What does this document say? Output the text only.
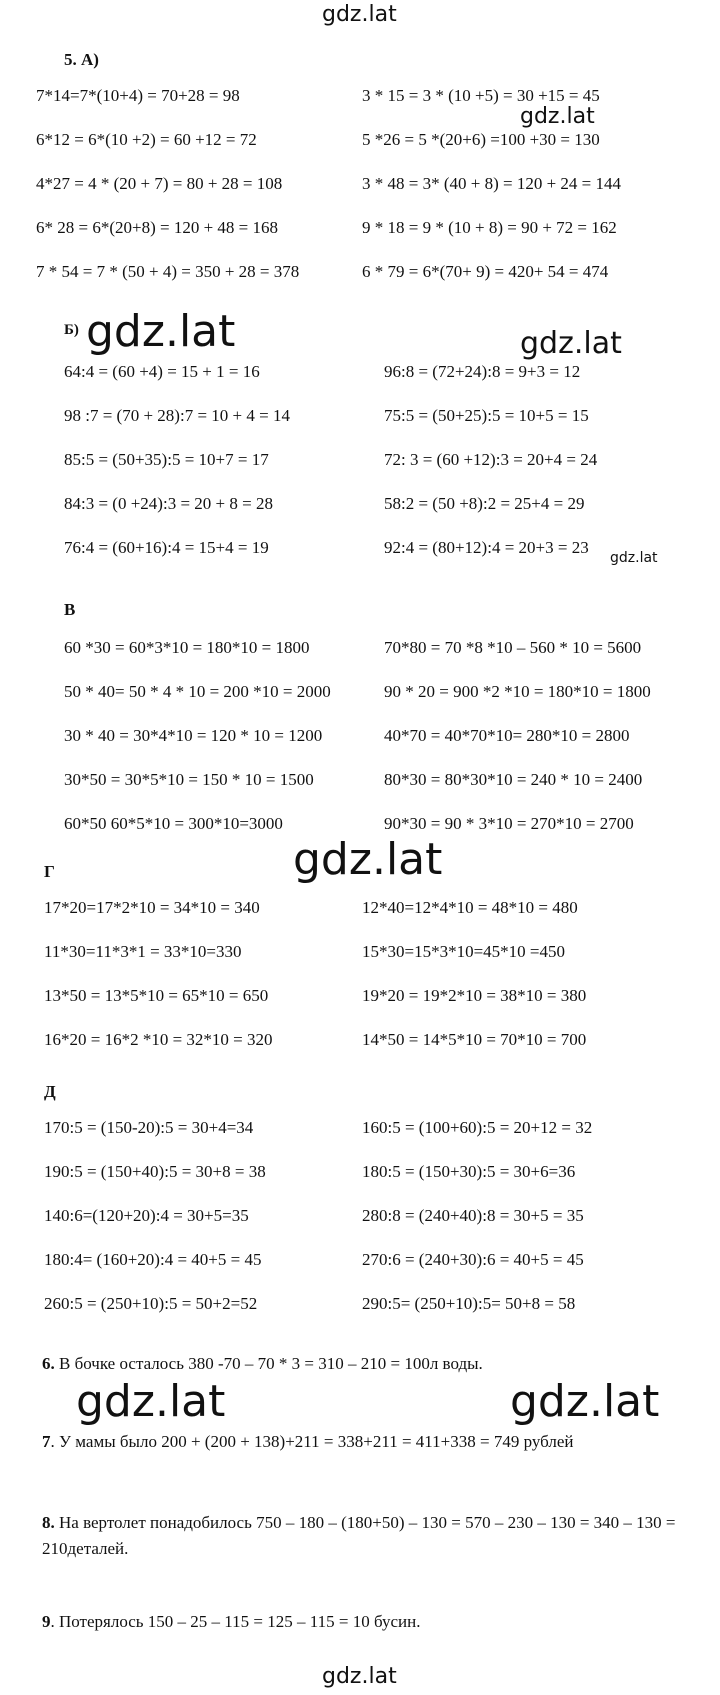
gdz.lat
gdz.lat
gdz.lat	gdz.lat
gdz.lat
gdz.lat
gdz.lat	gdz.lat
gdz.lat
5. А)
7*14=7*(10+4) = 70+28 = 98
6*12 = 6*(10 +2) = 60 +12 = 72
4*27 = 4 * (20 + 7) = 80 + 28 = 108
6* 28 = 6*(20+8) = 120 + 48 = 168
7 * 54 = 7 * (50 + 4) = 350 + 28 = 378
3 * 15 = 3 * (10 +5) = 30 +15 = 45
5 *26 = 5 *(20+6) =100 +30 = 130
3 * 48 = 3* (40 + 8) = 120 + 24 = 144
9 * 18 = 9 * (10 + 8) = 90 + 72 = 162
6 * 79 = 6*(70+ 9) = 420+ 54 = 474
Б)
64:4 = (60 +4) = 15 + 1 = 16
98 :7 = (70 + 28):7 = 10 + 4 = 14
85:5 = (50+35):5 = 10+7 = 17
84:3 = (0 +24):3 = 20 + 8 = 28
76:4 = (60+16):4 = 15+4 = 19
96:8 = (72+24):8 = 9+3 = 12
75:5 = (50+25):5 = 10+5 = 15
72: 3 = (60 +12):3 = 20+4 = 24
58:2 = (50 +8):2 = 25+4 = 29
92:4 = (80+12):4 = 20+3 = 23
В
60 *30 = 60*3*10 = 180*10 = 1800
50 * 40= 50 * 4 * 10 = 200 *10 = 2000
30 * 40 = 30*4*10 = 120 * 10 = 1200
30*50 = 30*5*10 = 150 * 10 = 1500
60*50 60*5*10 = 300*10=3000
70*80 = 70 *8 *10 – 560 * 10 = 5600
90 * 20 = 900 *2 *10 = 180*10 = 1800
40*70 = 40*70*10= 280*10 = 2800
80*30 = 80*30*10 = 240 * 10 = 2400
90*30 = 90 * 3*10 = 270*10 = 2700
Г
17*20=17*2*10 = 34*10 = 340
11*30=11*3*1 = 33*10=330
13*50 = 13*5*10 = 65*10 = 650
16*20 = 16*2 *10 = 32*10 = 320
12*40=12*4*10 = 48*10 = 480
15*30=15*3*10=45*10 =450
19*20 = 19*2*10 = 38*10 = 380
14*50 = 14*5*10 = 70*10 = 700
Д
170:5 = (150-20):5 = 30+4=34
190:5 = (150+40):5 = 30+8 = 38
140:6=(120+20):4 = 30+5=35
180:4= (160+20):4 = 40+5 = 45
260:5 = (250+10):5 = 50+2=52
160:5 = (100+60):5 = 20+12 = 32
180:5 = (150+30):5 = 30+6=36
280:8 = (240+40):8 = 30+5 = 35
270:6 = (240+30):6 = 40+5 = 45
290:5= (250+10):5= 50+8 = 58
6. В бочке осталось 380 -70 – 70 * 3 = 310 – 210 = 100л воды.
7. У мамы было 200 + (200 + 138)+211 = 338+211 = 411+338 = 749 рублей
8. На вертолет понадобилось 750 – 180 – (180+50) – 130 = 570 – 230 – 130 = 340 – 130 = 210деталей.
9. Потерялось 150 – 25 – 115 = 125 – 115 = 10 бусин.
